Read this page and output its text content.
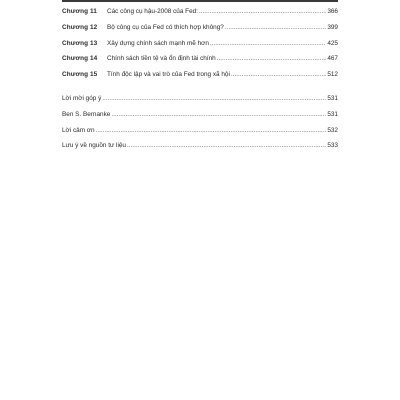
Chương 11	Các công cụ hậu-2008 của Fed: .....	366
Chương 12	Bộ công cụ của Fed có thích hợp không? .....	399
Chương 13	Xây dựng chính sách mạnh mẽ hơn .....	425
Chương 14	Chính sách tiền tệ và ổn định tài chính .....	467
Chương 15	Tính độc lập và vai trò của Fed trong xã hội .....	512
Lời mời góp ý .....	531
Ben S. Bernanke .....	531
Lời cảm ơn .....	532
Lưu ý về nguồn tư liệu .....	533
